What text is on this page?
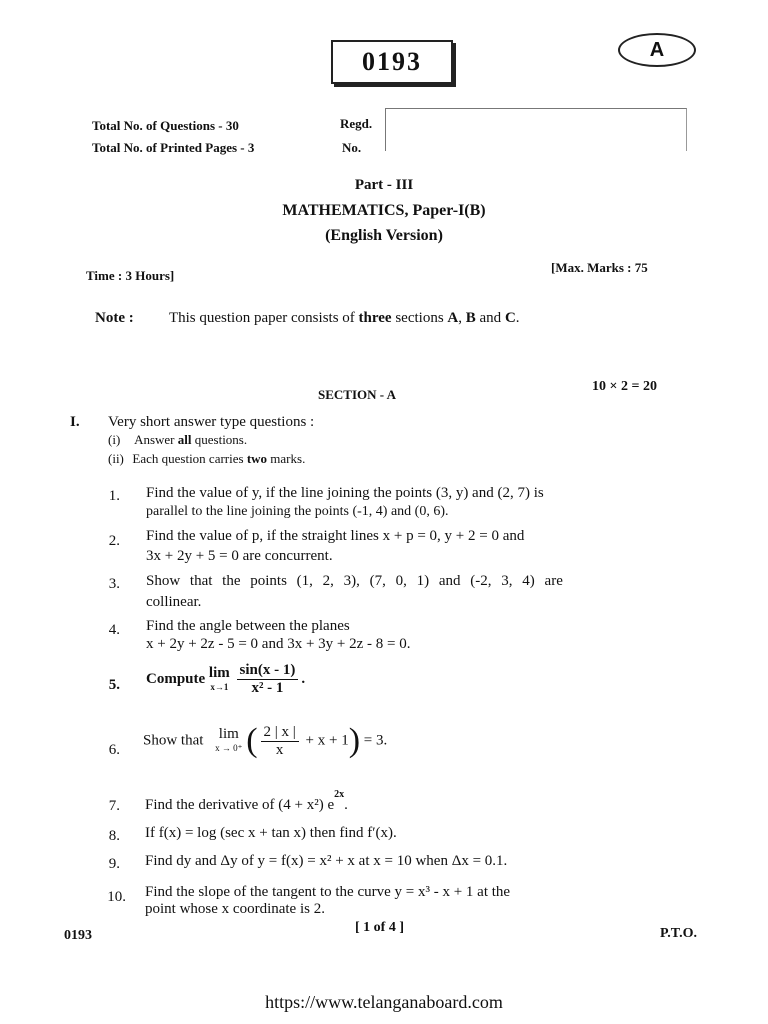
0193	A
Total No. of Questions - 30	Regd.
Total No. of Printed Pages - 3	No.
Part - III
MATHEMATICS, Paper-I(B)
(English Version)
Time : 3 Hours]
[Max. Marks : 75
Note : This question paper consists of three sections A, B and C.
SECTION - A
10 × 2 = 20
I. Very short answer type questions :
(i) Answer all questions.
(ii) Each question carries two marks.
1. Find the value of y, if the line joining the points (3, y) and (2, 7) is
parallel to the line joining the points (-1, 4) and (0, 6).
2. Find the value of p, if the straight lines x + p = 0, y + 2 = 0 and
3x + 2y + 5 = 0 are concurrent.
3. Show that the points (1, 2, 3), (7, 0, 1) and (-2, 3, 4) are
collinear.
4. Find the angle between the planes
x + 2y + 2z - 5 = 0 and 3x + 3y + 2z - 8 = 0.
5. Compute lim
x→1
$\frac{\sin(x - 1)}{\text{x² - 1}}$ .
6.
Show that lim
x → 0⁺ ( $\frac{2 | x |}{x} + x + 1) = 3$.
7. Find the derivative of (4 + x²) $e^{2x}$.
8. If f(x) = log (sec x + tan x) then find f′(x).
9. Find dy and Δy of y = f(x) = x² + x at x = 10 when Δx = 0.1.
10. Find the slope of the tangent to the curve y = x³ - x + 1 at the
point whose x coordinate is 2.
0193
[ 1 of 4 ]	P.T.O.
https://www.telanganaboard.com
